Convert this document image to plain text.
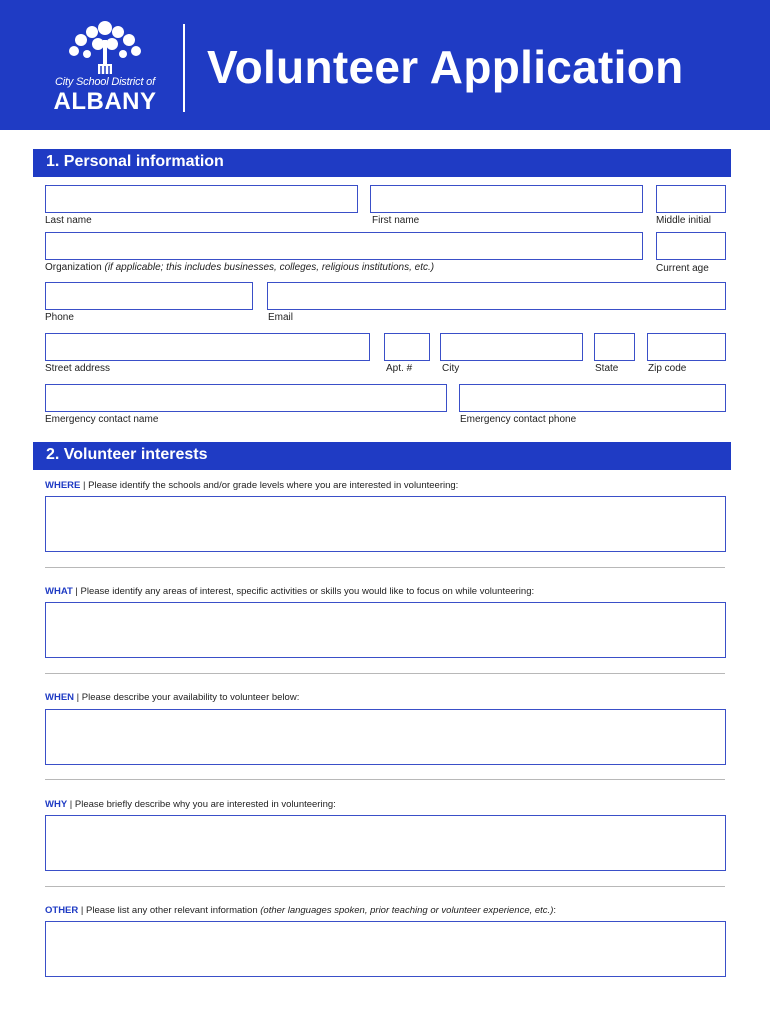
City School District of
ALBANY
Volunteer Application
1. Personal information
Last name	First name	Middle initial
Organization (if applicable; this includes businesses, colleges, religious institutions, etc.)	Current age
Phone	Email
Street address	Apt. #	City	State	Zip code
Emergency contact name	Emergency contact phone
2. Volunteer interests
WHERE | Please identify the schools and/or grade levels where you are interested in volunteering:
WHAT | Please identify any areas of interest, specific activities or skills you would like to focus on while volunteering:
WHEN | Please describe your availability to volunteer below:
WHY | Please briefly describe why you are interested in volunteering:
OTHER | Please list any other relevant information (other languages spoken, prior teaching or volunteer experience, etc.):
